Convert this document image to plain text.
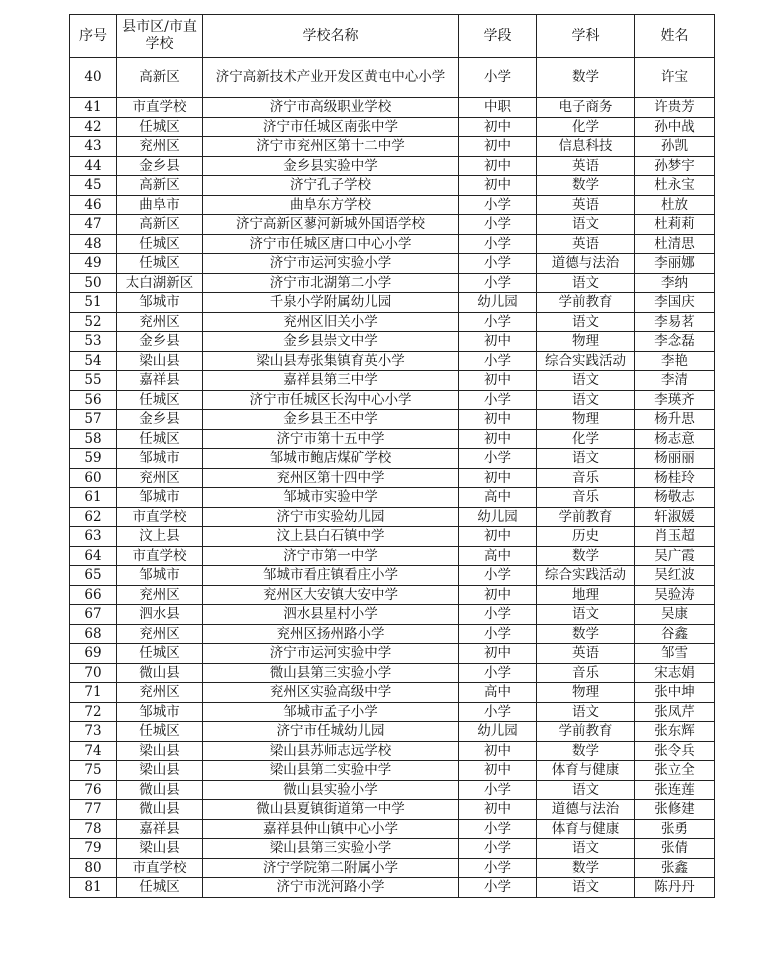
序号	县市区/市直学校	学校名称	学段	学科	姓名
40	高新区	济宁高新技术产业开发区黄屯中心小学	小学	数学	许宝
41	市直学校	济宁市高级职业学校	中职	电子商务	许贵芳
42	任城区	济宁市任城区南张中学	初中	化学	孙中战
43	兖州区	济宁市兖州区第十二中学	初中	信息科技	孙凯
44	金乡县	金乡县实验中学	初中	英语	孙梦宇
45	高新区	济宁孔子学校	初中	数学	杜永宝
46	曲阜市	曲阜东方学校	小学	英语	杜放
47	高新区	济宁高新区蓼河新城外国语学校	小学	语文	杜莉莉
48	任城区	济宁市任城区唐口中心小学	小学	英语	杜清思
49	任城区	济宁市运河实验小学	小学	道德与法治	李丽娜
50	太白湖新区	济宁市北湖第二小学	小学	语文	李纳
51	邹城市	千泉小学附属幼儿园	幼儿园	学前教育	李国庆
52	兖州区	兖州区旧关小学	小学	语文	李易茗
53	金乡县	金乡县崇文中学	初中	物理	李念磊
54	梁山县	梁山县寿张集镇育英小学	小学	综合实践活动	李艳
55	嘉祥县	嘉祥县第三中学	初中	语文	李清
56	任城区	济宁市任城区长沟中心小学	小学	语文	李瑛齐
57	金乡县	金乡县王丕中学	初中	物理	杨升思
58	任城区	济宁市第十五中学	初中	化学	杨志意
59	邹城市	邹城市鲍店煤矿学校	小学	语文	杨丽丽
60	兖州区	兖州区第十四中学	初中	音乐	杨桂玲
61	邹城市	邹城市实验中学	高中	音乐	杨敬志
62	市直学校	济宁市实验幼儿园	幼儿园	学前教育	轩淑媛
63	汶上县	汶上县白石镇中学	初中	历史	肖玉超
64	市直学校	济宁市第一中学	高中	数学	吴广霞
65	邹城市	邹城市看庄镇看庄小学	小学	综合实践活动	吴红波
66	兖州区	兖州区大安镇大安中学	初中	地理	吴验涛
67	泗水县	泗水县星村小学	小学	语文	吴康
68	兖州区	兖州区扬州路小学	小学	数学	谷鑫
69	任城区	济宁市运河实验中学	初中	英语	邹雪
70	微山县	微山县第三实验小学	小学	音乐	宋志娟
71	兖州区	兖州区实验高级中学	高中	物理	张中坤
72	邹城市	邹城市孟子小学	小学	语文	张凤芹
73	任城区	济宁市任城幼儿园	幼儿园	学前教育	张东辉
74	梁山县	梁山县苏师志远学校	初中	数学	张令兵
75	梁山县	梁山县第二实验中学	初中	体育与健康	张立全
76	微山县	微山县实验小学	小学	语文	张连莲
77	微山县	微山县夏镇街道第一中学	初中	道德与法治	张修建
78	嘉祥县	嘉祥县仲山镇中心小学	小学	体育与健康	张勇
79	梁山县	梁山县第三实验小学	小学	语文	张倩
80	市直学校	济宁学院第二附属小学	小学	数学	张鑫
81	任城区	济宁市洸河路小学	小学	语文	陈丹丹
